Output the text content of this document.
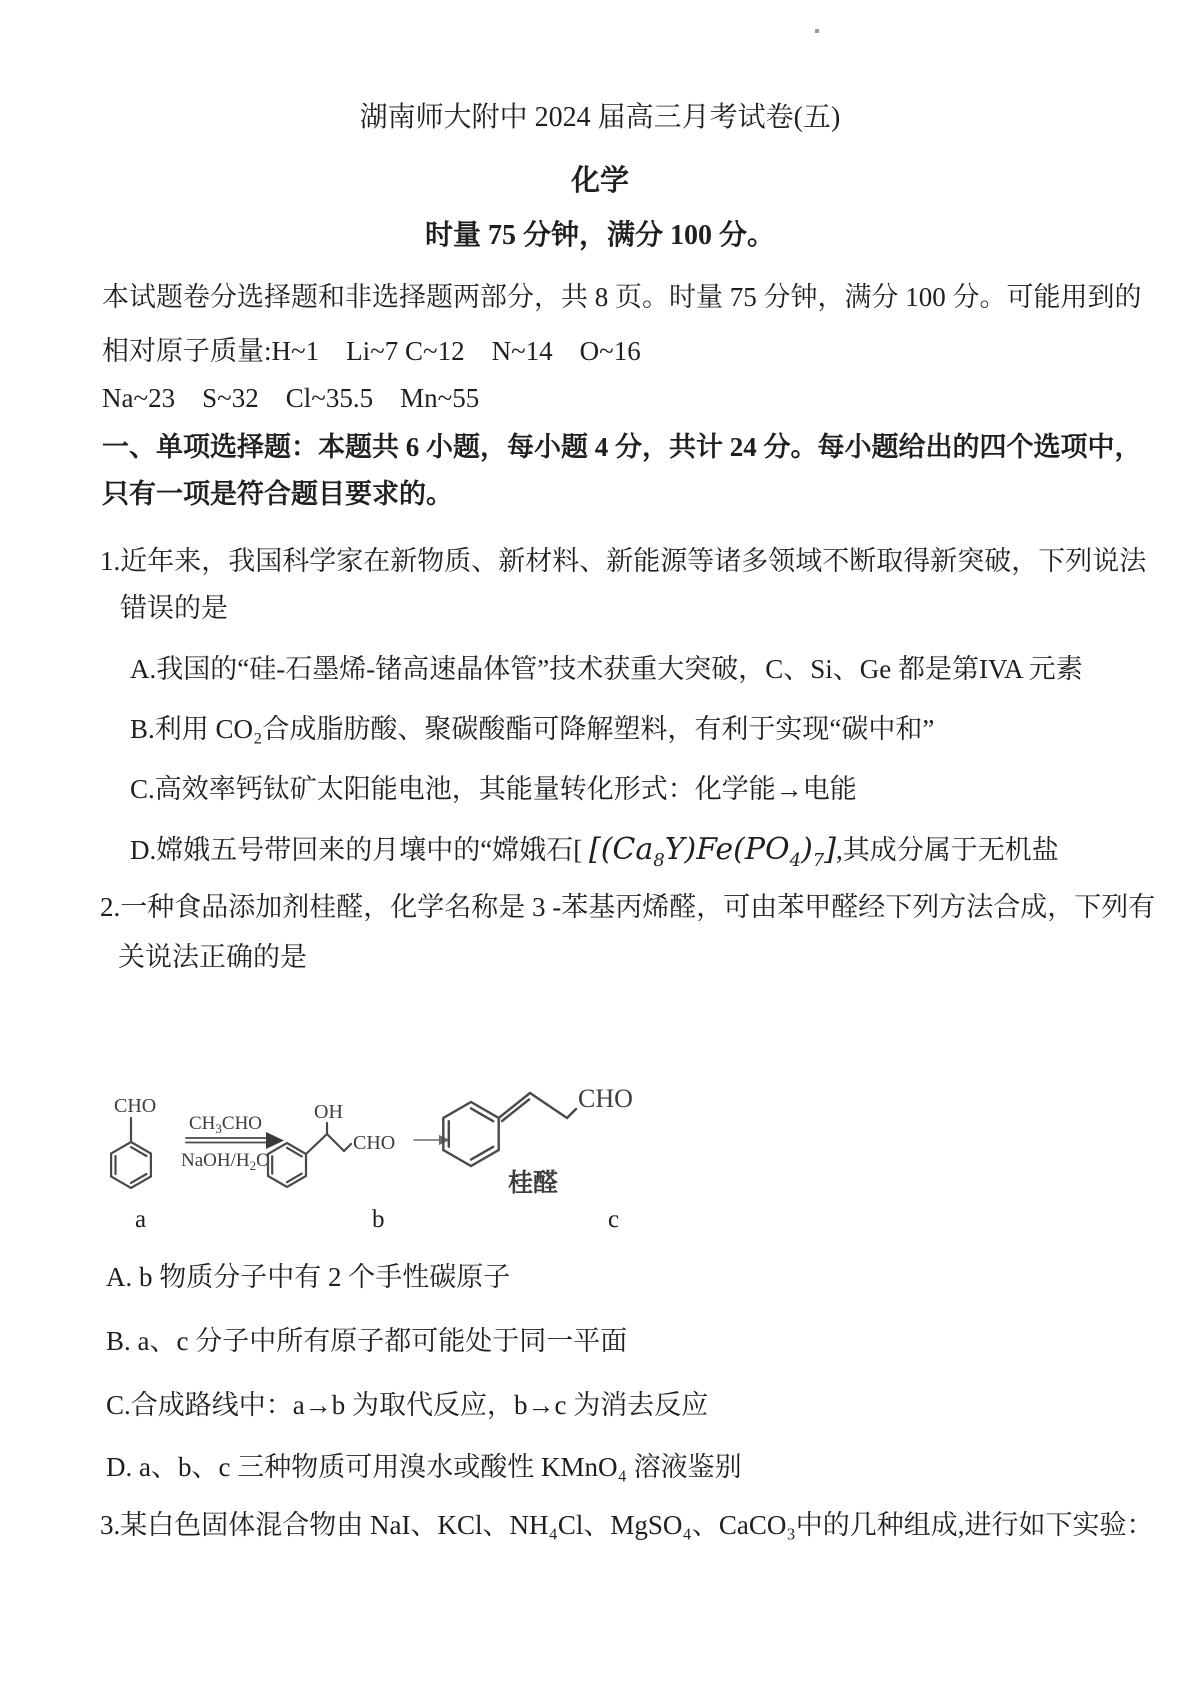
湖南师大附中 2024 届高三月考试卷(五)
化学
时量 75 分钟，满分 100 分。
本试题卷分选择题和非选择题两部分，共 8 页。时量 75 分钟，满分 100 分。可能用到的
相对原子质量:H~1    Li~7 C~12    N~14    O~16
Na~23    S~32    Cl~35.5    Mn~55
一、单项选择题：本题共 6 小题，每小题 4 分，共计 24 分。每小题给出的四个选项中，
只有一项是符合题目要求的。
1.近年来，我国科学家在新物质、新材料、新能源等诸多领域不断取得新突破，下列说法
错误的是
A.我国的“硅-石墨烯-锗高速晶体管”技术获重大突破，C、Si、Ge 都是第IVA 元素
B.利用 CO₂合成脂肪酸、聚碳酸酯可降解塑料，有利于实现“碳中和”
C.高效率钙钛矿太阳能电池，其能量转化形式：化学能→电能
D.嫦娥五号带回来的月壤中的“嫦娥石[ $[(Ca_8Y)Fe(PO_4)_7]$,其成分属于无机盐
2.一种食品添加剂桂醛，化学名称是 3 -苯基丙烯醛，可由苯甲醛经下列方法合成，下列有
关说法正确的是
CHO
$CH_3CHO$
NaOH/$H_2O$
OH
CHO
CHO
桂醛
a	b	c
A. b 物质分子中有 2 个手性碳原子
B. a、c 分子中所有原子都可能处于同一平面
C.合成路线中：a→b 为取代反应，b→c 为消去反应
D. a、b、c 三种物质可用溴水或酸性 KMnO₄ 溶液鉴别
3.某白色固体混合物由 NaI、KCl、NH₄Cl、MgSO₄、CaCO₃中的几种组成,进行如下实验：
